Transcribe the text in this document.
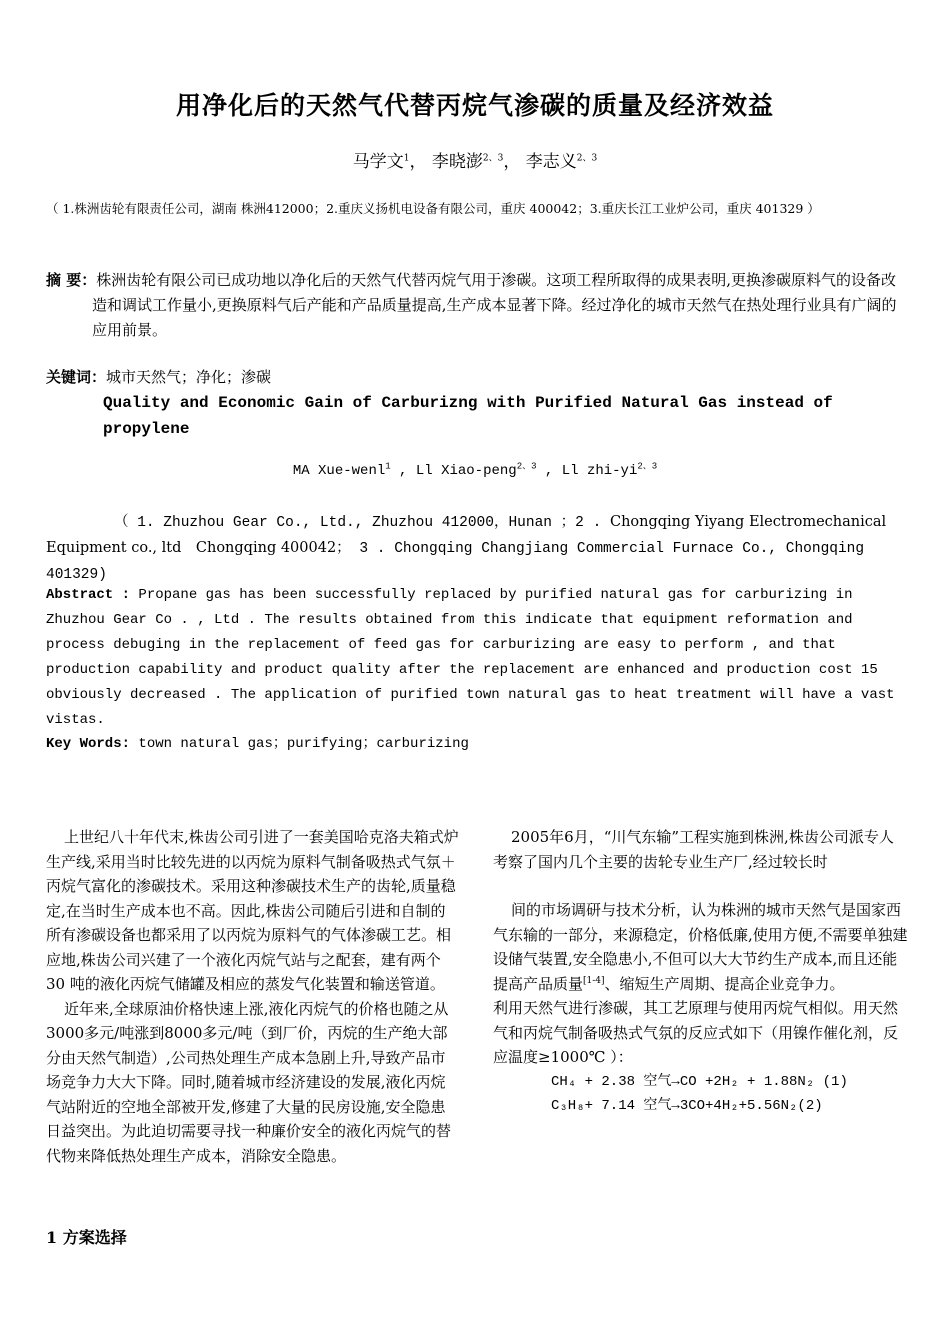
用净化后的天然气代替丙烷气渗碳的质量及经济效益
马学文$^1$， 李晓澎$^{2、3}$， 李志义$^{2、3}$
（ 1.株洲齿轮有限责任公司，湖南 株洲412000；2.重庆义扬机电设备有限公司，重庆 400042；3.重庆长江工业炉公司，重庆 401329 ）
摘 要：株洲齿轮有限公司已成功地以净化后的天然气代替丙烷气用于渗碳。这项工程所取得的成果表明,更换渗碳原料气的设备改造和调试工作量小,更换原料气后产能和产品质量提高,生产成本显著下降。经过净化的城市天然气在热处理行业具有广阔的应用前景。
关键词：城市天然气；净化；渗碳
Quality and Economic Gain of Carburizng with Purified Natural Gas instead of propylene
MA Xue-wenl$^1$ , Ll Xiao-peng$^{2、3}$ , Ll zhi-$yi^{2、3}$
（ 1. Zhuzhou Gear Co., Ltd., Zhuzhou 412000，Hunan ；2 . Chongqing Yiyang Electromechanical Equipment co., ltd　Chongqing 400042； 3 . Chongqing Changjiang Commercial Furnace Co., Chongqing 401329)
Abstract : Propane gas has been successfully replaced by purified natural gas for carburizing in Zhuzhou Gear Co . , Ltd . The results obtained from this indicate that equipment reformation and process debuging in the replacement of feed gas for carburizing are easy to perform , and that production capability and product quality after the replacement are enhanced and production cost 15 obviously decreased . The application of purified town natural gas to heat treatment will have a vast vistas.
Key Words: town natural gas；purifying；carburizing

上世纪八十年代末,株齿公司引进了一套美国哈克洛夫箱式炉生产线,采用当时比较先进的以丙烷为原料气制备吸热式气氛＋丙烷气富化的渗碳技术。采用这种渗碳技术生产的齿轮,质量稳定,在当时生产成本也不高。因此,株齿公司随后引进和自制的所有渗碳设备也都采用了以丙烷为原料气的气体渗碳工艺。相应地,株齿公司兴建了一个液化丙烷气站与之配套，建有两个 30 吨的液化丙烷气储罐及相应的蒸发气化装置和输送管道。

近年来,全球原油价格快速上涨,液化丙烷气的价格也随之从3000多元/吨涨到8000多元/吨（到厂价，丙烷的生产绝大部分由天然气制造）,公司热处理生产成本急剧上升,导致产品市场竞争力大大下降。同时,随着城市经济建设的发展,液化丙烷气站附近的空地全部被开发,修建了大量的民房设施,安全隐患日益突出。为此迫切需要寻找一种廉价安全的液化丙烷气的替代物来降低热处理生产成本，消除安全隐患。

1 方案选择

2005年6月，“川气东输”工程实施到株洲,株齿公司派专人考察了国内几个主要的齿轮专业生产厂,经过较长时

间的市场调研与技术分析，认为株洲的城市天然气是国家西气东输的一部分，来源稳定，价格低廉,使用方便,不需要单独建设储气装置,安全隐患小,不但可以大大节约生产成本,而且还能提高产品质量[1-4]、缩短生产周期、提高企业竞争力。

利用天然气进行渗碳，其工艺原理与使用丙烷气相似。用天然气和丙烷气制备吸热式气氛的反应式如下（用镍作催化剂，反应温度≥1000℃ ）：

CH₄ + 2.38 空气→CO +2H₂ + 1.88N₂ (1)

C₃H₈+ 7.14 空气→3CO+4H₂+5.56N₂(2)
